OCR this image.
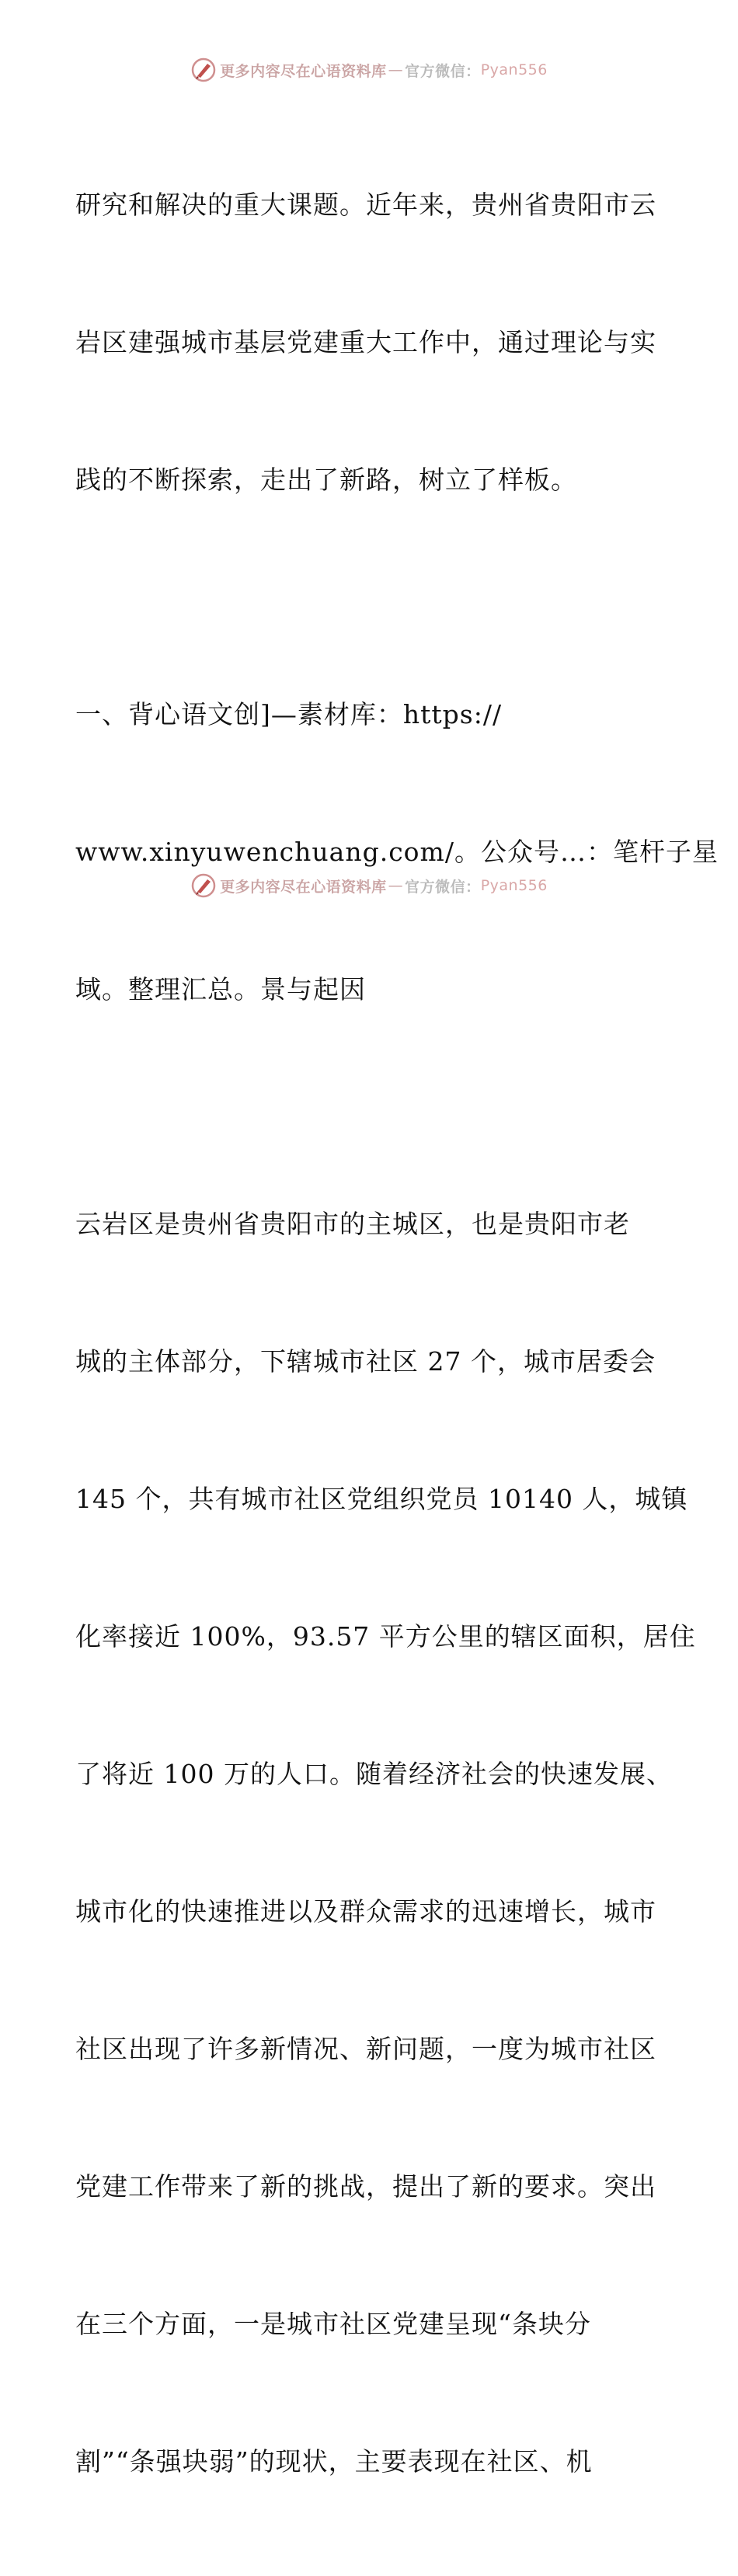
更多内容尽在心语资料库 — 官方微信： Pyan556

研究和解决的重大课题。近年来，贵州省贵阳市云

岩区建强城市基层党建重大工作中，通过理论与实

践的不断探索，走出了新路，树立了样板。

一、背心语文创]—素材库：https://

www.xinyuwenchuang.com/。公众号…：笔杆子星

域。整理汇总。景与起因

云岩区是贵州省贵阳市的主城区，也是贵阳市老

城的主体部分，下辖城市社区 27 个，城市居委会

145 个，共有城市社区党组织党员 10140 人，城镇

化率接近 100%，93.57 平方公里的辖区面积，居住

了将近 100 万的人口。随着经济社会的快速发展、

城市化的快速推进以及群众需求的迅速增长，城市

社区出现了许多新情况、新问题，一度为城市社区

党建工作带来了新的挑战，提出了新的要求。突出

在三个方面，一是城市社区党建呈现“条块分

割”“条强块弱”的现状，主要表现在社区、机

更多内容尽在心语资料库 — 官方微信： Pyan556
